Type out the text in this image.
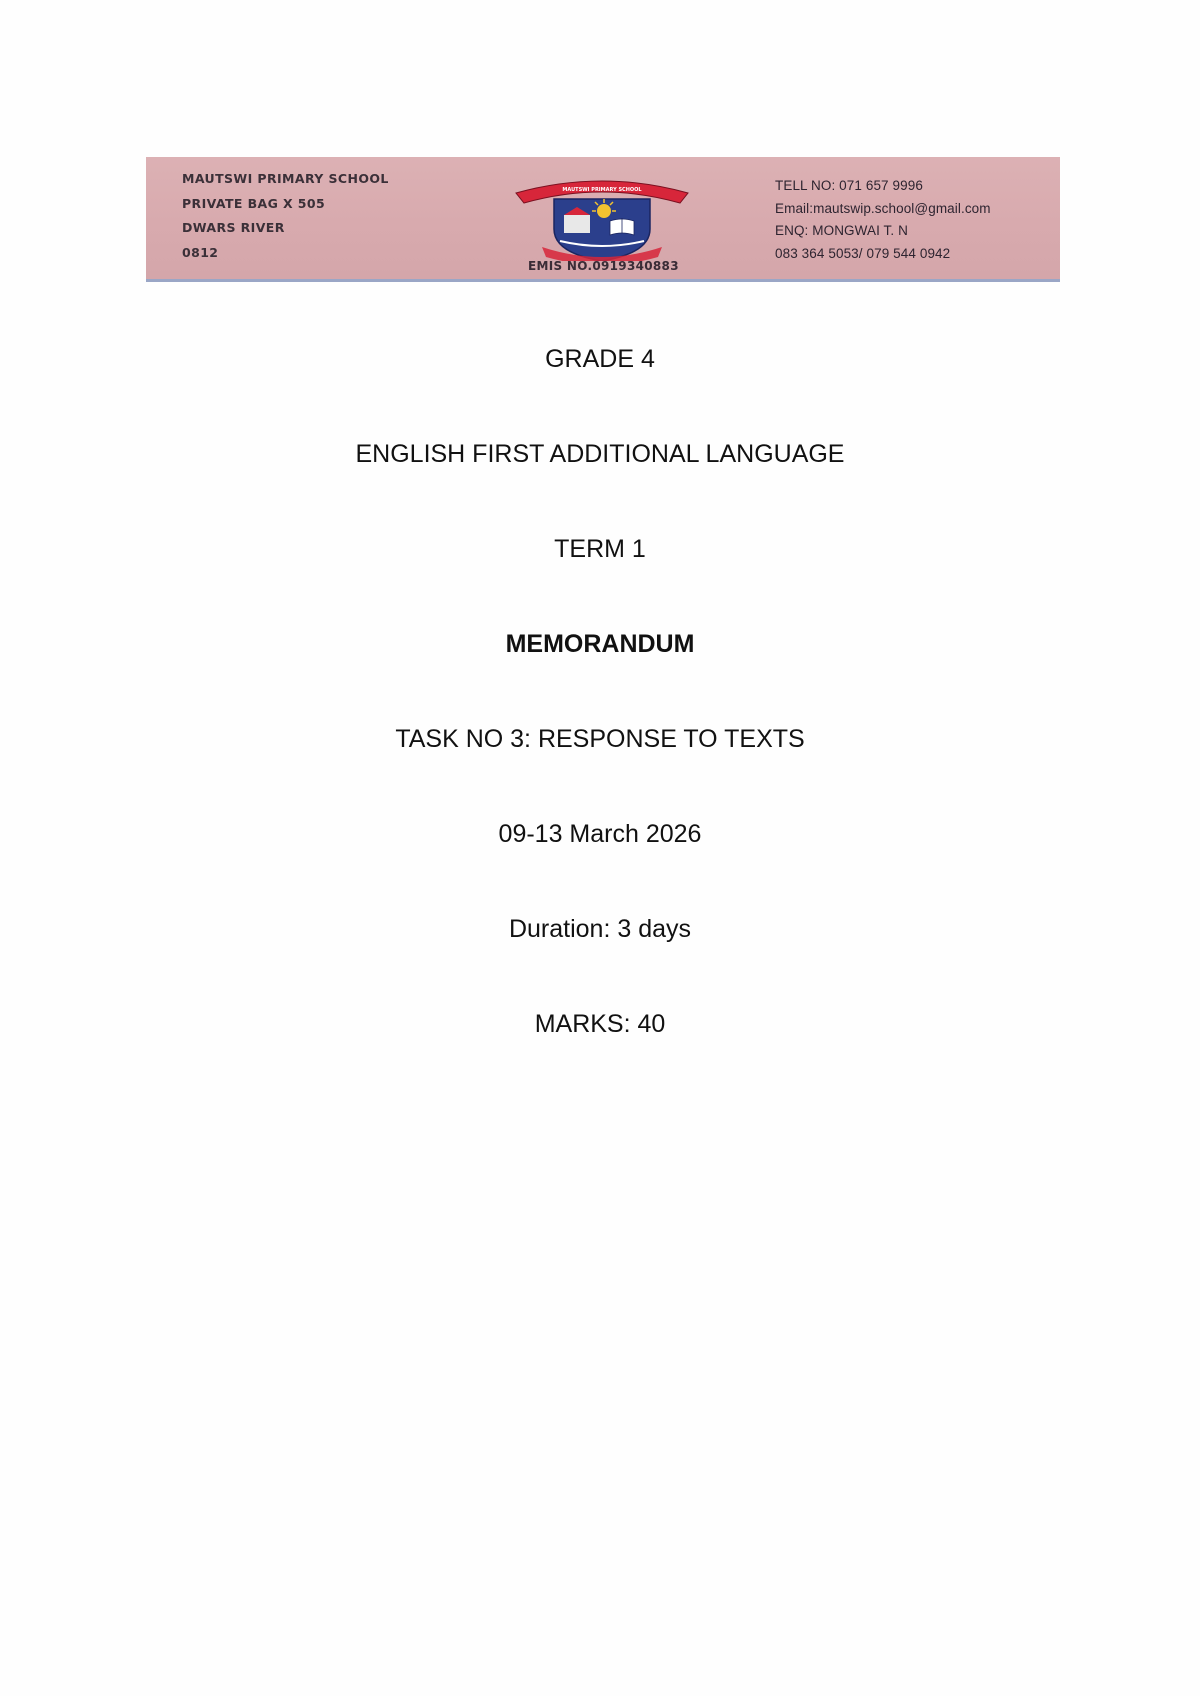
MAUTSWI PRIMARY SCHOOL
PRIVATE BAG X 505
DWARS RIVER
0812
MAUTSWI PRIMARY SCHOOL
EMIS NO.0919340883
TELL NO: 071 657 9996
Email:mautswip.school@gmail.com
ENQ: MONGWAI T. N
083 364 5053/ 079 544 0942
GRADE 4
ENGLISH FIRST ADDITIONAL LANGUAGE
TERM 1
MEMORANDUM
TASK NO 3: RESPONSE TO TEXTS
09-13 March 2026
Duration: 3 days
MARKS: 40
